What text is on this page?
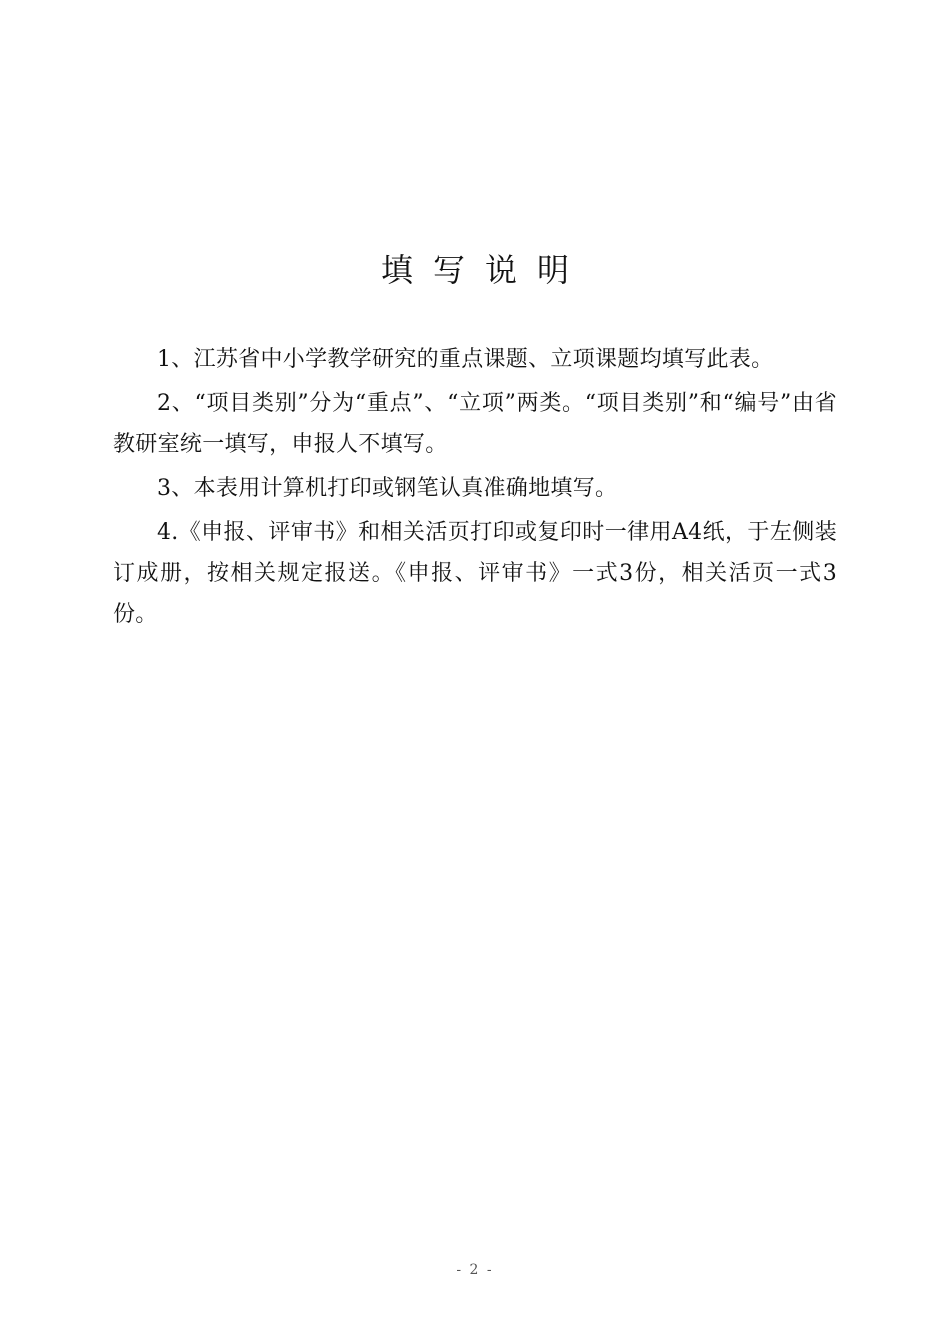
填写说明

1、江苏省中小学教学研究的重点课题、立项课题均填写此表。

2、“项目类别”分为“重点”、“立项”两类。“项目类别”和“编号”由省教研室统一填写，申报人不填写。

3、本表用计算机打印或钢笔认真准确地填写。

4.《申报、评审书》和相关活页打印或复印时一律用A4纸，于左侧装订成册，按相关规定报送。《申报、评审书》一式3份，相关活页一式3份。

- 2 -
